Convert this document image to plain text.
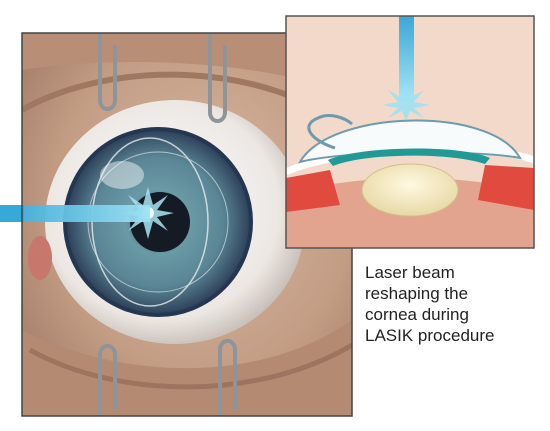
Laser beam
reshaping the
cornea during
LASIK procedure
